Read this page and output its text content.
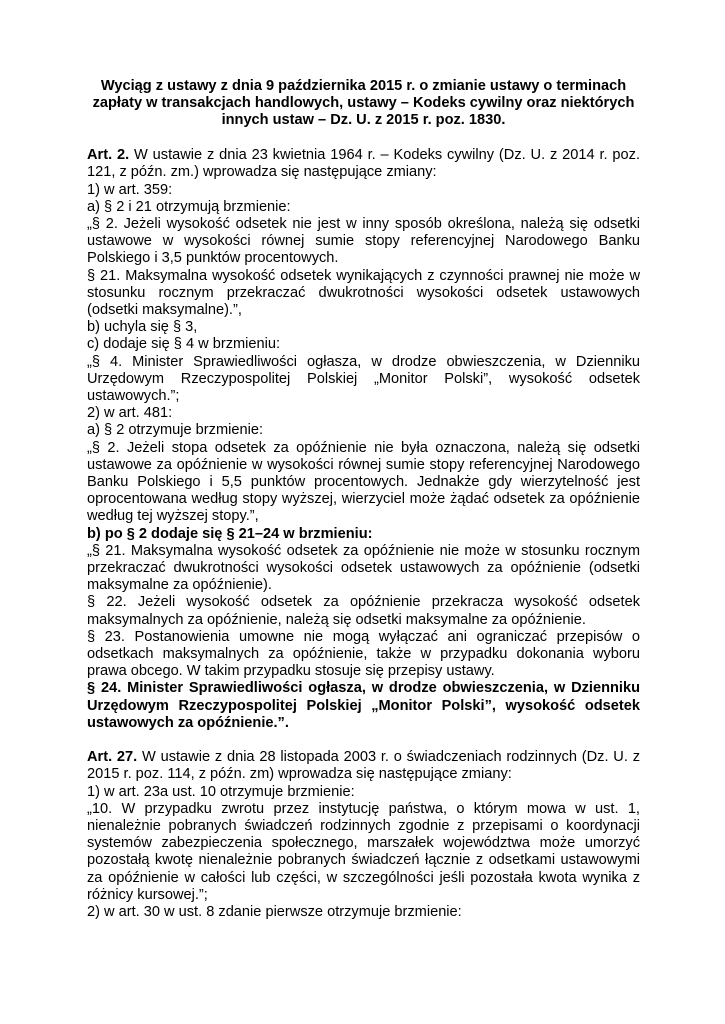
Wyciąg z ustawy z dnia 9 października 2015 r. o zmianie ustawy o terminach zapłaty w transakcjach handlowych, ustawy – Kodeks cywilny oraz niektórych innych ustaw – Dz. U. z 2015 r. poz. 1830.

Art. 2. W ustawie z dnia 23 kwietnia 1964 r. – Kodeks cywilny (Dz. U. z 2014 r. poz. 121, z późn. zm.) wprowadza się następujące zmiany:

1) w art. 359:

a) § 2 i 21 otrzymują brzmienie:

„§ 2. Jeżeli wysokość odsetek nie jest w inny sposób określona, należą się odsetki ustawowe w wysokości równej sumie stopy referencyjnej Narodowego Banku Polskiego i 3,5 punktów procentowych.

§ 21. Maksymalna wysokość odsetek wynikających z czynności prawnej nie może w stosunku rocznym przekraczać dwukrotności wysokości odsetek ustawowych (odsetki maksymalne).”,

b) uchyla się § 3,

c) dodaje się § 4 w brzmieniu:

„§ 4. Minister Sprawiedliwości ogłasza, w drodze obwieszczenia, w Dzienniku Urzędowym Rzeczypospolitej Polskiej „Monitor Polski”, wysokość odsetek ustawowych.”;

2) w art. 481:

a) § 2 otrzymuje brzmienie:

„§ 2. Jeżeli stopa odsetek za opóźnienie nie była oznaczona, należą się odsetki ustawowe za opóźnienie w wysokości równej sumie stopy referencyjnej Narodowego Banku Polskiego i 5,5 punktów procentowych. Jednakże gdy wierzytelność jest oprocentowana według stopy wyższej, wierzyciel może żądać odsetek za opóźnienie według tej wyższej stopy.”,

b) po § 2 dodaje się § 21–24 w brzmieniu:

„§ 21. Maksymalna wysokość odsetek za opóźnienie nie może w stosunku rocznym przekraczać dwukrotności wysokości odsetek ustawowych za opóźnienie (odsetki maksymalne za opóźnienie).

§ 22. Jeżeli wysokość odsetek za opóźnienie przekracza wysokość odsetek maksymalnych za opóźnienie, należą się odsetki maksymalne za opóźnienie.

§ 23. Postanowienia umowne nie mogą wyłączać ani ograniczać przepisów o odsetkach maksymalnych za opóźnienie, także w przypadku dokonania wyboru prawa obcego. W takim przypadku stosuje się przepisy ustawy.

§ 24. Minister Sprawiedliwości ogłasza, w drodze obwieszczenia, w Dzienniku Urzędowym Rzeczypospolitej Polskiej „Monitor Polski”, wysokość odsetek ustawowych za opóźnienie.”.

Art. 27. W ustawie z dnia 28 listopada 2003 r. o świadczeniach rodzinnych (Dz. U. z 2015 r. poz. 114, z późn. zm) wprowadza się następujące zmiany:

1) w art. 23a ust. 10 otrzymuje brzmienie:

„10. W przypadku zwrotu przez instytucję państwa, o którym mowa w ust. 1, nienależnie pobranych świadczeń rodzinnych zgodnie z przepisami o koordynacji systemów zabezpieczenia społecznego, marszałek województwa może umorzyć pozostałą kwotę nienależnie pobranych świadczeń łącznie z odsetkami ustawowymi za opóźnienie w całości lub części, w szczególności jeśli pozostała kwota wynika z różnicy kursowej.”;

2) w art. 30 w ust. 8 zdanie pierwsze otrzymuje brzmienie:
